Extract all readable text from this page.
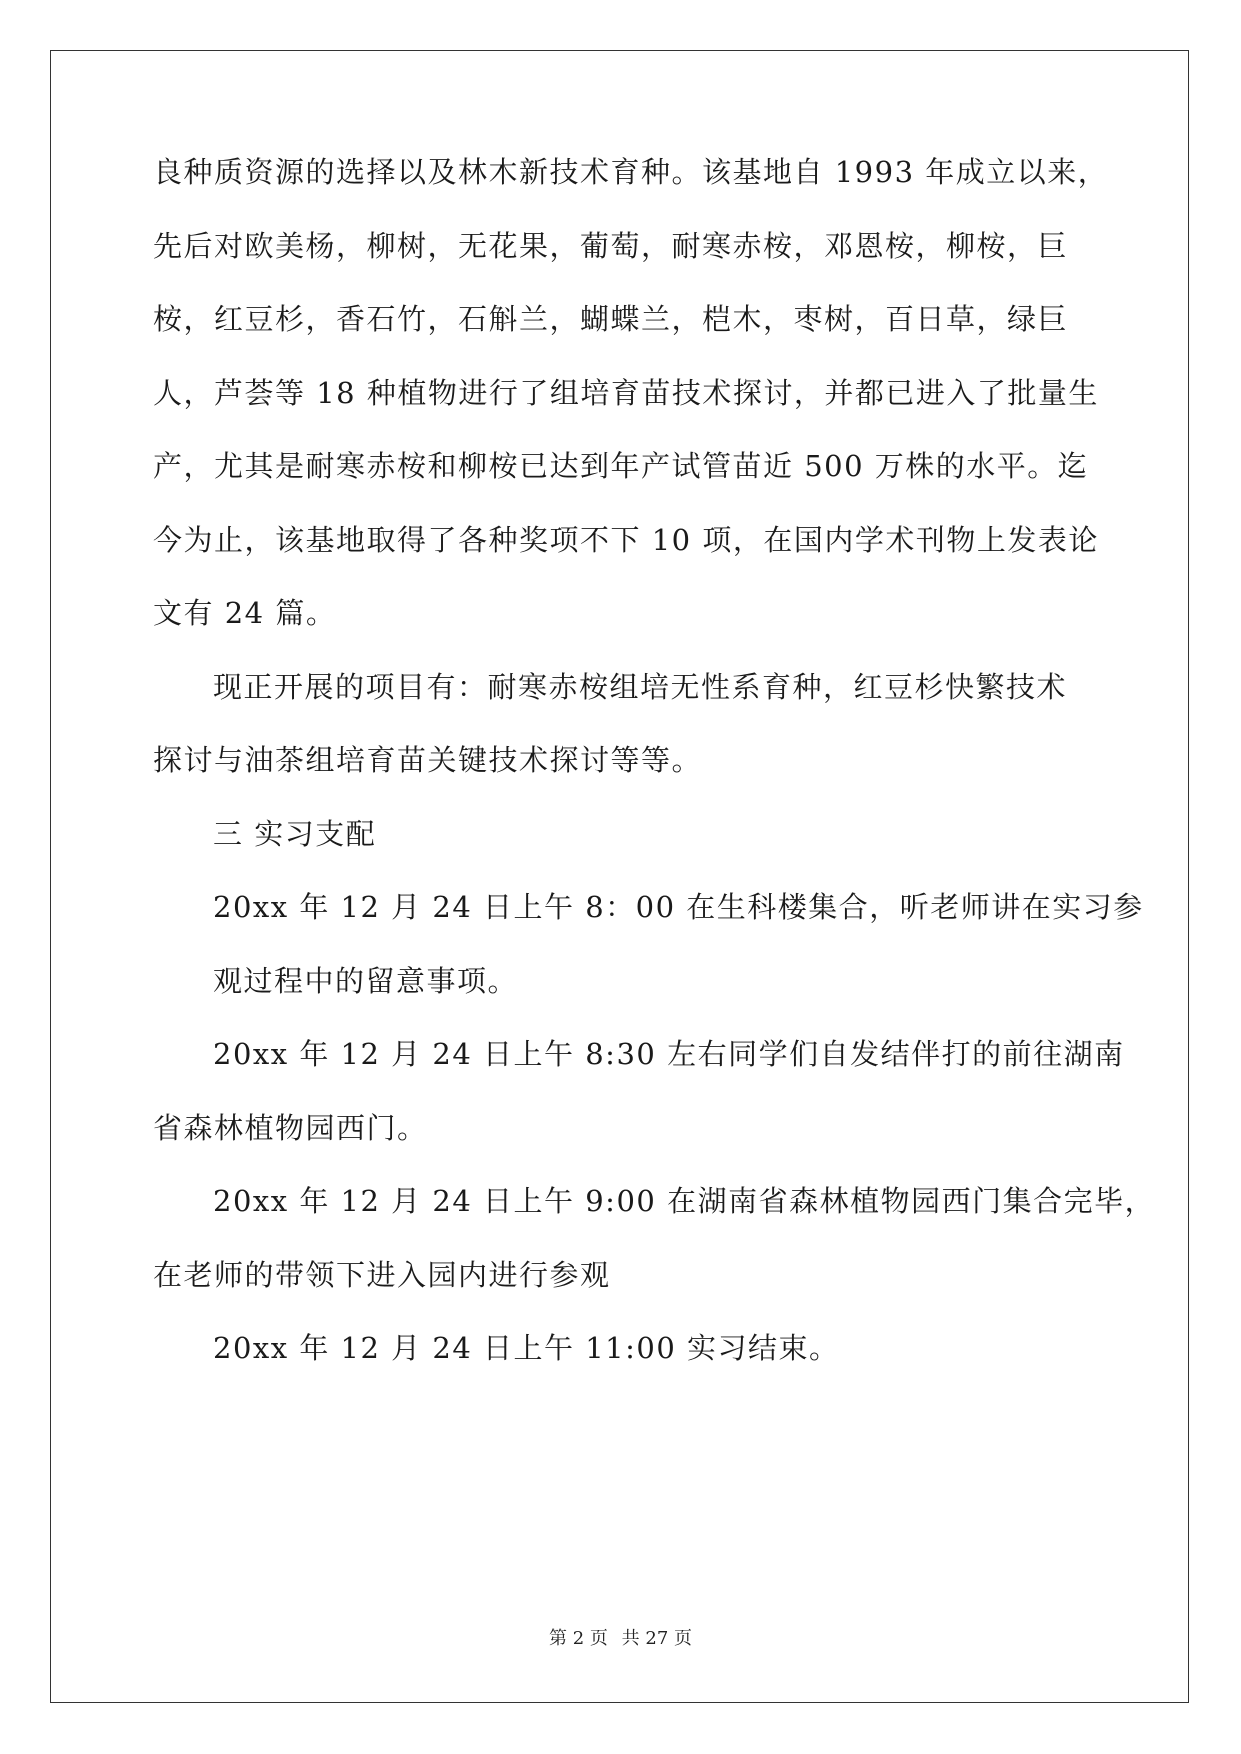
良种质资源的选择以及林木新技术育种。该基地自 1993 年成立以来，
先后对欧美杨，柳树，无花果，葡萄，耐寒赤桉，邓恩桉，柳桉，巨
桉，红豆杉，香石竹，石斛兰，蝴蝶兰，桤木，枣树，百日草，绿巨
人，芦荟等 18 种植物进行了组培育苗技术探讨，并都已进入了批量生
产，尤其是耐寒赤桉和柳桉已达到年产试管苗近 500 万株的水平。迄
今为止，该基地取得了各种奖项不下 10 项，在国内学术刊物上发表论
文有 24 篇。
现正开展的项目有：耐寒赤桉组培无性系育种，红豆杉快繁技术
探讨与油茶组培育苗关键技术探讨等等。
三 实习支配
20xx 年 12 月 24 日上午 8：00 在生科楼集合，听老师讲在实习参
观过程中的留意事项。
20xx 年 12 月 24 日上午 8:30 左右同学们自发结伴打的前往湖南
省森林植物园西门。
20xx 年 12 月 24 日上午 9:00 在湖南省森林植物园西门集合完毕，
在老师的带领下进入园内进行参观
20xx 年 12 月 24 日上午 11:00 实习结束。
第 2 页 共 27 页
